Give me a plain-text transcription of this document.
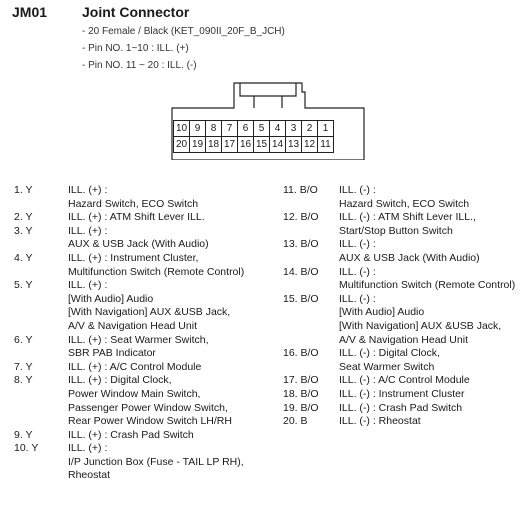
JM01 Joint Connector
- 20 Female / Black (KET_090II_20F_B_JCH)
- Pin NO. 1~10 : ILL. (+)
- Pin NO. 11 ~ 20 : ILL. (-)
10	9	8	7	6	5	4	3	2	1
20	19	18	17	16	15	14	13	12	11
1. Y	ILL. (+) :
Hazard Switch, ECO Switch
2. Y	ILL. (+) : ATM Shift Lever ILL.
3. Y	ILL. (+) :
AUX & USB Jack (With Audio)
4. Y	ILL. (+) : Instrument Cluster,
Multifunction Switch (Remote Control)
5. Y	ILL. (+) :
[With Audio] Audio
[With Navigation] AUX &USB Jack,
A/V & Navigation Head Unit
6. Y	ILL. (+) : Seat Warmer Switch,
SBR PAB Indicator
7. Y	ILL. (+) : A/C Control Module
8. Y	ILL. (+) : Digital Clock,
Power Window Main Switch,
Passenger Power Window Switch,
Rear Power Window Switch LH/RH
9. Y	ILL. (+) : Crash Pad Switch
10. Y	ILL. (+) :
I/P Junction Box (Fuse - TAIL LP RH),
Rheostat
11. B/O	ILL. (-) :
Hazard Switch, ECO Switch
12. B/O	ILL. (-) : ATM Shift Lever ILL.,
Start/Stop Button Switch
13. B/O	ILL. (-) :
AUX & USB Jack (With Audio)
14. B/O	ILL. (-) :
Multifunction Switch (Remote Control)
15. B/O	ILL. (-) :
[With Audio] Audio
[With Navigation] AUX &USB Jack,
A/V & Navigation Head Unit
16. B/O	ILL. (-) : Digital Clock,
Seat Warmer Switch
17. B/O	ILL. (-) : A/C Control Module
18. B/O	ILL. (-) : Instrument Cluster
19. B/O	ILL. (-) : Crash Pad Switch
20. B	ILL. (-) : Rheostat
